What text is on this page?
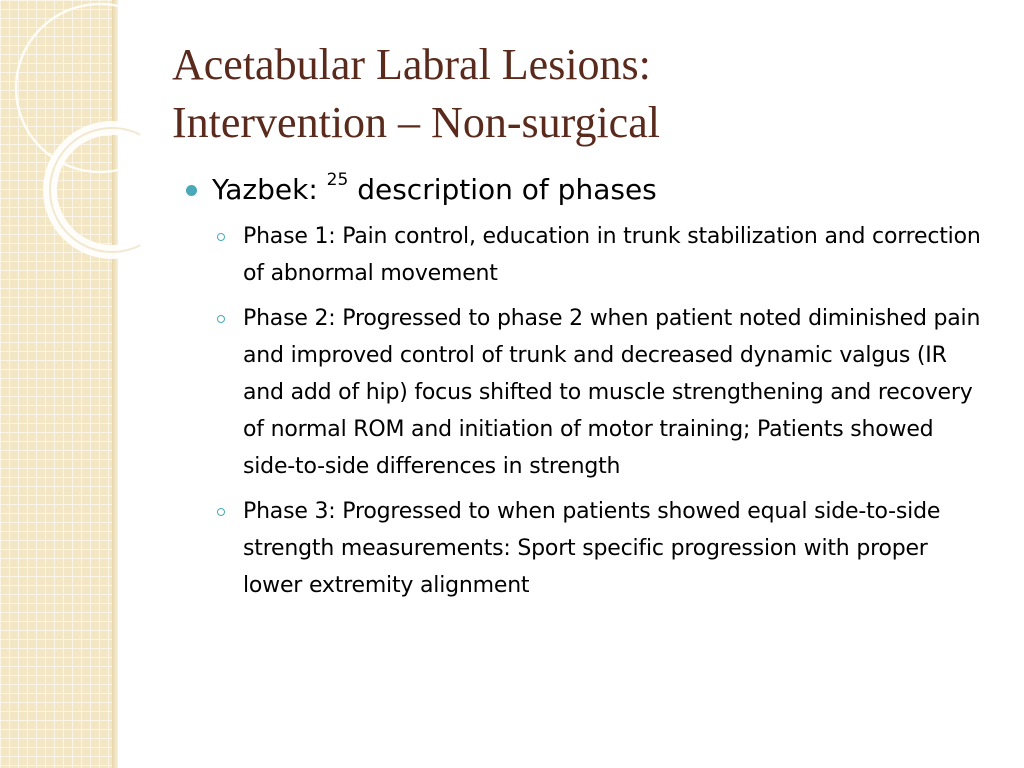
Acetabular Labral Lesions:
Intervention – Non-surgical
Yazbek: $^{25}$ description of phases
Phase 1: Pain control, education in trunk stabilization and correction of abnormal movement
Phase 2: Progressed to phase 2 when patient noted diminished pain and improved control of trunk and decreased dynamic valgus (IR and add of hip) focus shifted to muscle strengthening and recovery of normal ROM and initiation of motor training; Patients showed side-to-side differences in strength
Phase 3: Progressed to when patients showed equal side-to-side strength measurements: Sport specific progression with proper lower extremity alignment
